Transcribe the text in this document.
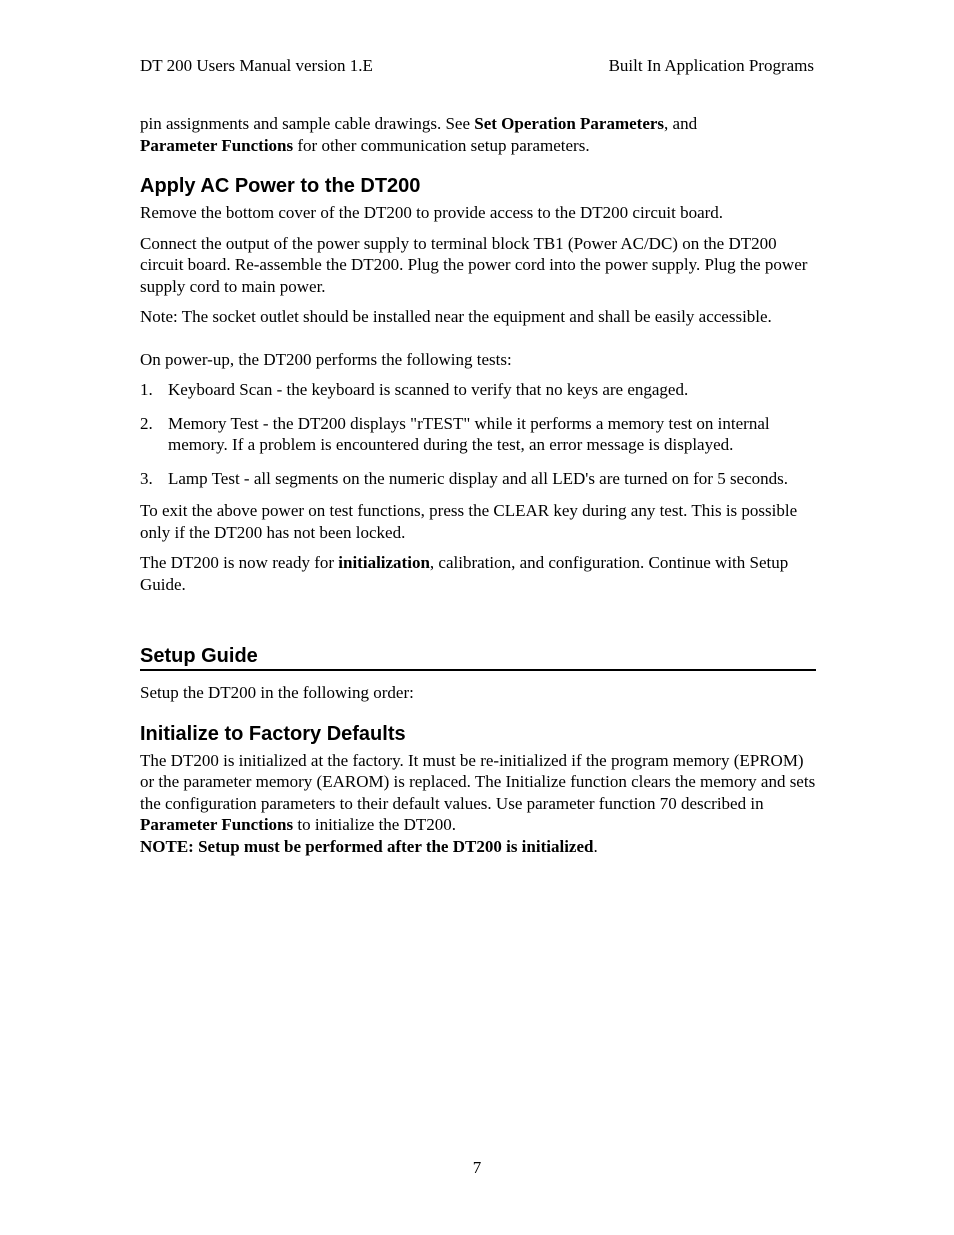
DT 200 Users Manual version 1.E	Built In Application Programs

pin assignments and sample cable drawings. See Set Operation Parameters, and
Parameter Functions for other communication setup parameters.

Apply AC Power to the DT200

Remove the bottom cover of the DT200 to provide access to the DT200 circuit board.

Connect the output of the power supply to terminal block TB1 (Power AC/DC) on the DT200 circuit board. Re-assemble the DT200. Plug the power cord into the power supply. Plug the power supply cord to main power.

Note: The socket outlet should be installed near the equipment and shall be easily accessible.

On power-up, the DT200 performs the following tests:

1. Keyboard Scan - the keyboard is scanned to verify that no keys are engaged.
2. Memory Test - the DT200 displays "rTEST" while it performs a memory test on internal memory. If a problem is encountered during the test, an error message is displayed.
3. Lamp Test - all segments on the numeric display and all LED's are turned on for 5 seconds.

To exit the above power on test functions, press the CLEAR key during any test. This is possible only if the DT200 has not been locked.

The DT200 is now ready for initialization, calibration, and configuration. Continue with Setup Guide.

Setup Guide

Setup the DT200 in the following order:

Initialize to Factory Defaults

The DT200 is initialized at the factory. It must be re-initialized if the program memory (EPROM) or the parameter memory (EAROM) is replaced. The Initialize function clears the memory and sets the configuration parameters to their default values. Use parameter function 70 described in Parameter Functions to initialize the DT200.
NOTE: Setup must be performed after the DT200 is initialized.

7
